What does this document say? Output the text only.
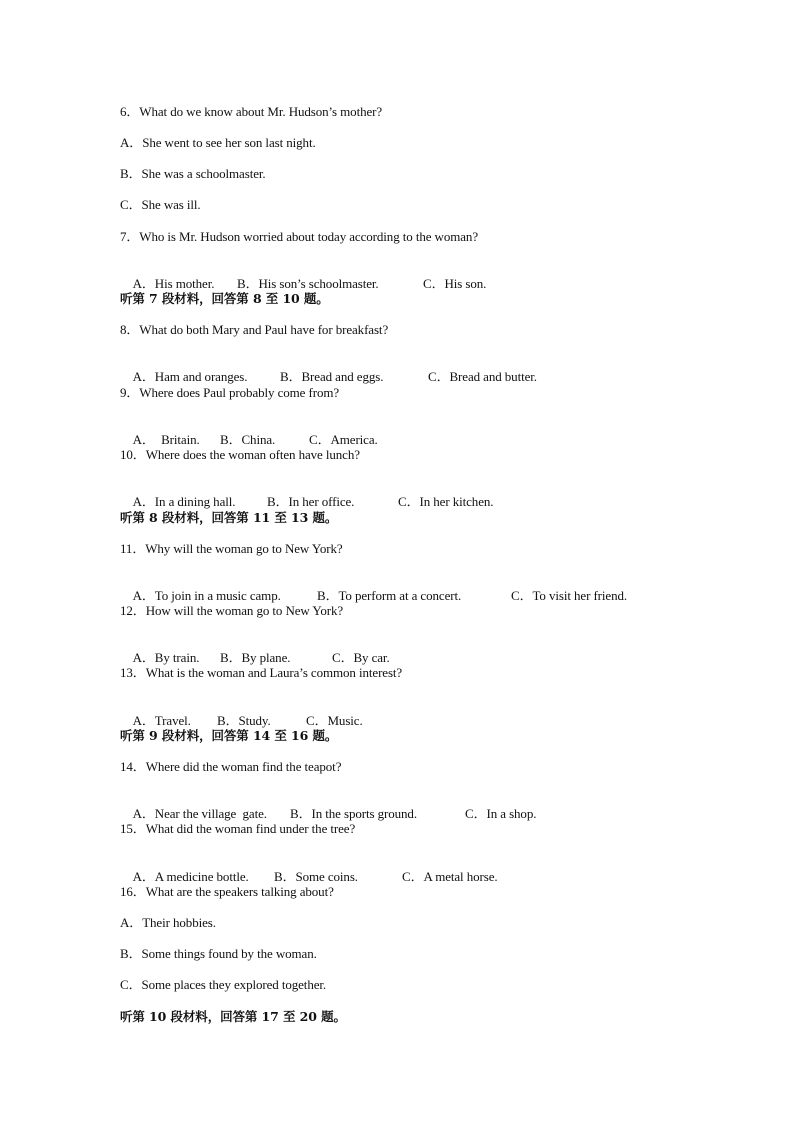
6．What do we know about Mr. Hudson’s mother?
A．She went to see her son last night.
B．She was a schoolmaster.
C．She was ill.
7．Who is Mr. Hudson worried about today according to the woman?

A．His mother. B．His son’s schoolmaster.	C．His son.

听第 7 段材料，回答第 8 至 10 题。
8．What do both Mary and Paul have for breakfast?

A．Ham and oranges.	B．Bread and eggs.	C．Bread and butter.

9．Where does Paul probably come from?

A．  Britain. B．China.	C．America.

10．Where does the woman often have lunch?

A．In a dining hall. B．In her office.	C．In her kitchen.

听第 8 段材料，回答第 11 至 13 题。
11．Why will the woman go to New York?

A．To join in a music camp.	B．To perform at a concert.	C．To visit her friend.

12．How will the woman go to New York?

A．By train. B．By plane.	C．By car.

13．What is the woman and Laura’s common interest?

A．Travel. B．Study.	C．Music.

听第 9 段材料，回答第 14 至 16 题。
14．Where did the woman find the teapot?

A．Near the village  gate. B．In the sports ground.	C．In a shop.

15．What did the woman find under the tree?

A．A medicine bottle. B．Some coins.	C．A metal horse.

16．What are the speakers talking about?
A．Their hobbies.
B．Some things found by the woman.
C．Some places they explored together.
听第 10 段材料，回答第 17 至 20 题。
